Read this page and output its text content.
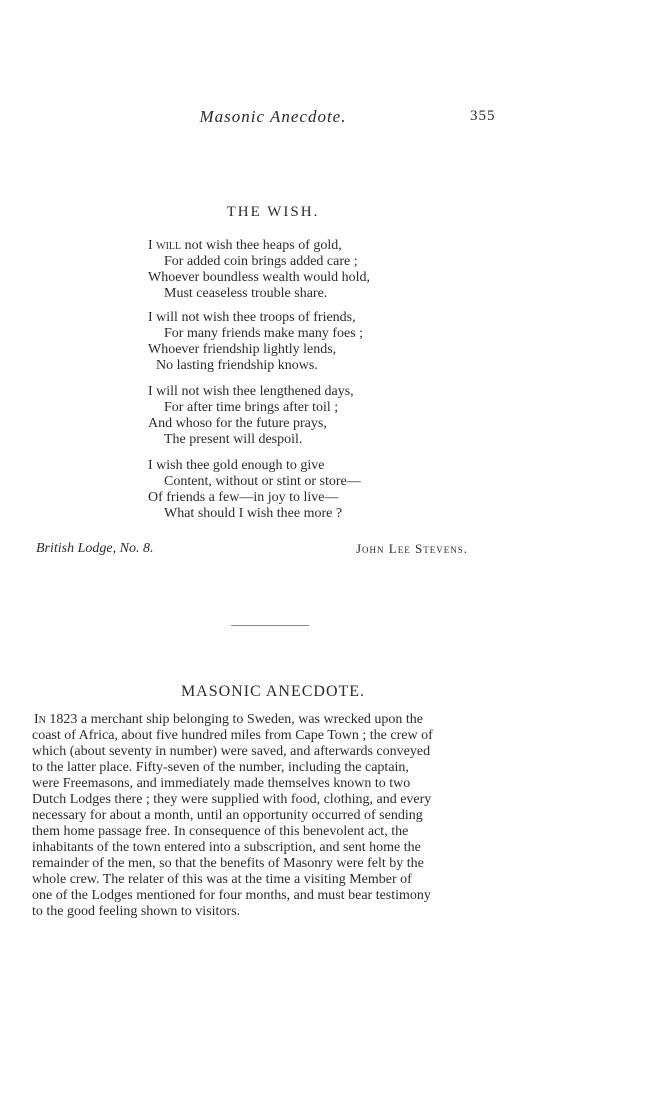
Masonic Anecdote.	355
THE WISH.
I will not wish thee heaps of gold,
For added coin brings added care ;
Whoever boundless wealth would hold,
Must ceaseless trouble share.
I will not wish thee troops of friends,
For many friends make many foes ;
Whoever friendship lightly lends,
No lasting friendship knows.
I will not wish thee lengthened days,
For after time brings after toil ;
And whoso for the future prays,
The present will despoil.
I wish thee gold enough to give
Content, without or stint or store—
Of friends a few—in joy to live—
What should I wish thee more ?
British Lodge, No. 8.	John Lee Stevens.
MASONIC ANECDOTE.
In 1823 a merchant ship belonging to Sweden, was wrecked upon the
coast of Africa, about five hundred miles from Cape Town ; the crew of
which (about seventy in number) were saved, and afterwards conveyed
to the latter place. Fifty-seven of the number, including the captain,
were Freemasons, and immediately made themselves known to two
Dutch Lodges there ; they were supplied with food, clothing, and every
necessary for about a month, until an opportunity occurred of sending
them home passage free. In consequence of this benevolent act, the
inhabitants of the town entered into a subscription, and sent home the
remainder of the men, so that the benefits of Masonry were felt by the
whole crew. The relater of this was at the time a visiting Member of
one of the Lodges mentioned for four months, and must bear testimony
to the good feeling shown to visitors.
